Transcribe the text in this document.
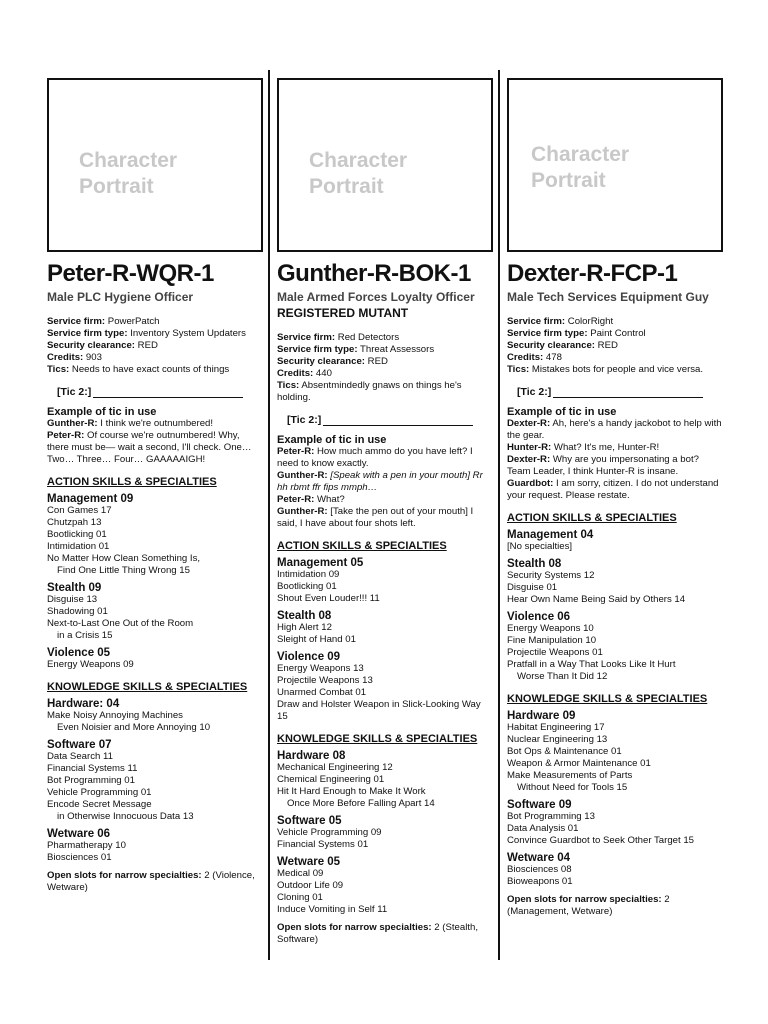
Character
Portrait
Peter-R-WQR-1
Male PLC Hygiene Officer
Service firm: PowerPatch
Service firm type: Inventory System Updaters
Security clearance: RED
Credits: 903
Tics: Needs to have exact counts of things
[Tic 2:]
Example of tic in use
Gunther-R: I think we're outnumbered!
Peter-R: Of course we're outnumbered! Why, there must be— wait a second, I'll check. One… Two… Three… Four… GAAAAAIGH!
ACTION SKILLS & SPECIALTIES
Management 09
Con Games 17
Chutzpah 13
Bootlicking 01
Intimidation 01
No Matter How Clean Something Is,
Find One Little Thing Wrong 15
Stealth 09
Disguise 13
Shadowing 01
Next-to-Last One Out of the Room
in a Crisis 15
Violence 05
Energy Weapons 09
KNOWLEDGE SKILLS & SPECIALTIES
Hardware: 04
Make Noisy Annoying Machines
Even Noisier and More Annoying 10
Software 07
Data Search 11
Financial Systems 11
Bot Programming 01
Vehicle Programming 01
Encode Secret Message
in Otherwise Innocuous Data 13
Wetware 06
Pharmatherapy 10
Biosciences 01
Open slots for narrow specialties: 2 (Violence, Wetware)
Character
Portrait
Gunther-R-BOK-1
Male Armed Forces Loyalty Officer
REGISTERED MUTANT
Service firm: Red Detectors
Service firm type: Threat Assessors
Security clearance: RED
Credits: 440
Tics: Absentmindedly gnaws on things he's holding.
[Tic 2:]
Example of tic in use
Peter-R: How much ammo do you have left? I need to know exactly.
Gunther-R: [Speak with a pen in your mouth] Rr hh rbmt ffr fips mmph…
Peter-R: What?
Gunther-R: [Take the pen out of your mouth] I said, I have about four shots left.
ACTION SKILLS & SPECIALTIES
Management 05
Intimidation 09
Bootlicking 01
Shout Even Louder!!! 11
Stealth 08
High Alert 12
Sleight of Hand 01
Violence 09
Energy Weapons 13
Projectile Weapons 13
Unarmed Combat 01
Draw and Holster Weapon in Slick-Looking Way 15
KNOWLEDGE SKILLS & SPECIALTIES
Hardware 08
Mechanical Engineering 12
Chemical Engineering 01
Hit It Hard Enough to Make It Work
Once More Before Falling Apart 14
Software 05
Vehicle Programming 09
Financial Systems 01
Wetware 05
Medical 09
Outdoor Life 09
Cloning 01
Induce Vomiting in Self 11
Open slots for narrow specialties: 2 (Stealth, Software)
Character
Portrait
Dexter-R-FCP-1
Male Tech Services Equipment Guy
Service firm: ColorRight
Service firm type: Paint Control
Security clearance: RED
Credits: 478
Tics: Mistakes bots for people and vice versa.
[Tic 2:]
Example of tic in use
Dexter-R: Ah, here's a handy jackobot to help with the gear.
Hunter-R: What? It's me, Hunter-R!
Dexter-R: Why are you impersonating a bot? Team Leader, I think Hunter-R is insane.
Guardbot: I am sorry, citizen. I do not understand your request. Please restate.
ACTION SKILLS & SPECIALTIES
Management 04
[No specialties]
Stealth 08
Security Systems 12
Disguise 01
Hear Own Name Being Said by Others 14
Violence 06
Energy Weapons 10
Fine Manipulation 10
Projectile Weapons 01
Pratfall in a Way That Looks Like It Hurt
Worse Than It Did 12
KNOWLEDGE SKILLS & SPECIALTIES
Hardware 09
Habitat Engineering 17
Nuclear Engineering 13
Bot Ops & Maintenance 01
Weapon & Armor Maintenance 01
Make Measurements of Parts
Without Need for Tools 15
Software 09
Bot Programming 13
Data Analysis 01
Convince Guardbot to Seek Other Target 15
Wetware 04
Biosciences 08
Bioweapons 01
Open slots for narrow specialties: 2 (Management, Wetware)
